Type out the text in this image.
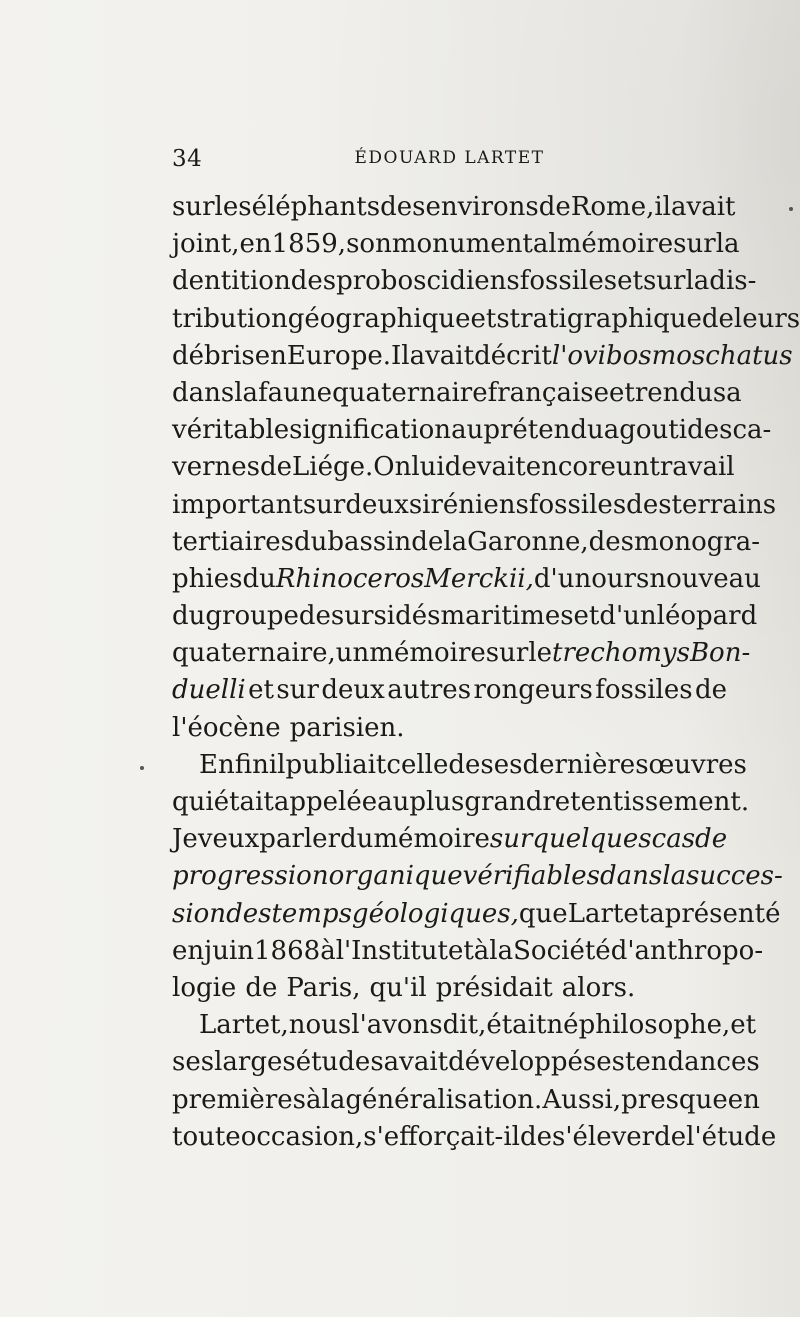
34	ÉDOUARD LARTET
sur les éléphants des environs de Rome, il avait
joint, en 1859, son monumental mémoire sur la
dentition des proboscidiens fossiles et sur la dis-
tribution géographique et stratigraphique de leurs
débris en Europe. Il avait décrit l'ovibos moschatus
dans la faune quaternaire française et rendu sa
véritable signification au prétendu agouti des ca-
vernes de Liége. On lui devait encore un travail
important sur deux siréniens fossiles des terrains
tertiaires du bassin de la Garonne, des monogra-
phies du Rhinoceros Merckii, d'un ours nouveau
du groupe des ursidés maritimes et d'un léopard
quaternaire, un mémoire sur le trechomys Bon-
duelli et sur deux autres rongeurs fossiles de
l'éocène parisien.
Enfin il publiait celle de ses dernières œuvres
qui était appelée au plus grand retentissement.
Je veux parler du mémoire sur quelques cas de
progression organique vérifiables dans la succes-
sion des temps géologiques, que Lartet a présenté
en juin 1868 à l'Institut et à la Société d'anthropo-
logie de Paris, qu'il présidait alors.
Lartet, nous l'avons dit, était né philosophe, et
ses larges études avait développé ses tendances
premières à la généralisation. Aussi, presque en
toute occasion, s'efforçait-il de s'élever de l'étude
